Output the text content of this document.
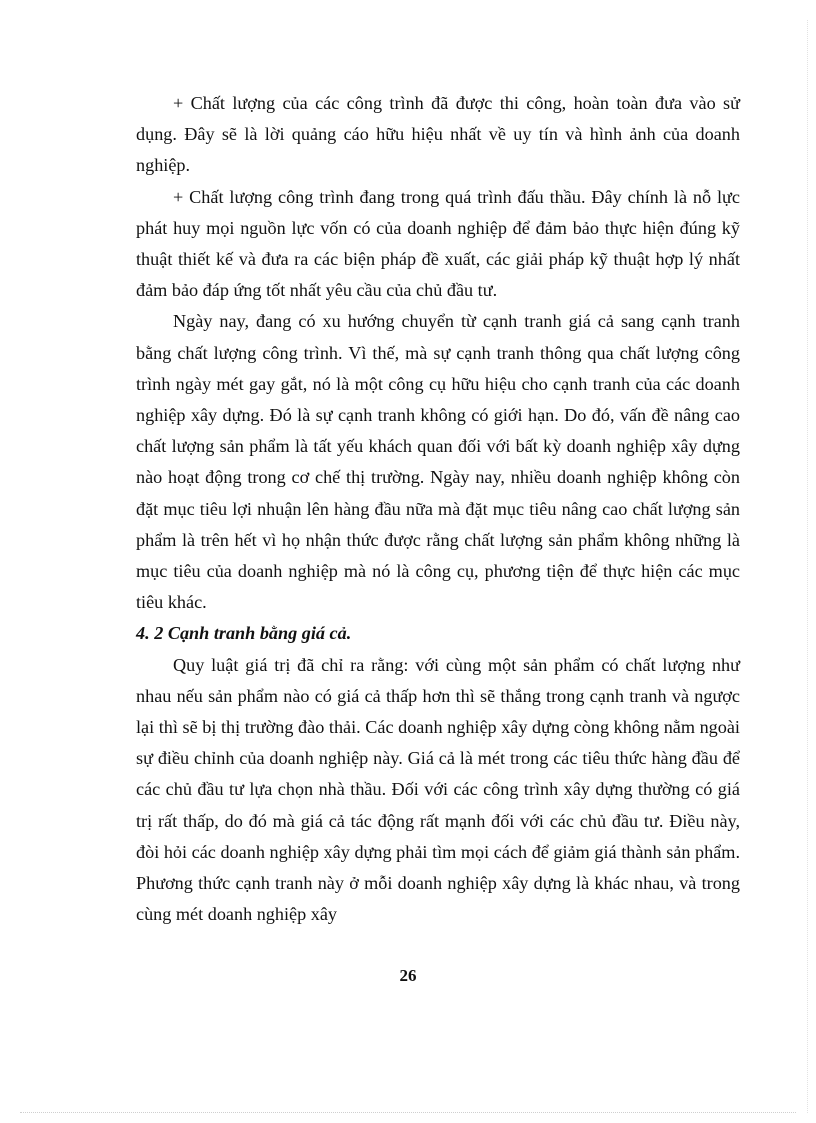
+ Chất lượng của các công trình đã được thi công, hoàn toàn đưa vào sử dụng. Đây sẽ là lời quảng cáo hữu hiệu nhất về uy tín và hình ảnh của doanh nghiệp.

+ Chất lượng công trình đang trong quá trình đấu thầu. Đây chính là nỗ lực phát huy mọi nguồn lực vốn có của doanh nghiệp để đảm bảo thực hiện đúng kỹ thuật thiết kế và đưa ra các biện pháp đề xuất, các giải pháp kỹ thuật hợp lý nhất đảm bảo đáp ứng tốt nhất yêu cầu của chủ đầu tư.

Ngày nay, đang có xu hướng chuyển từ cạnh tranh giá cả sang cạnh tranh bằng chất lượng công trình. Vì thế, mà sự cạnh tranh thông qua chất lượng công trình ngày mét gay gắt, nó là một công cụ hữu hiệu cho cạnh tranh của các doanh nghiệp xây dựng. Đó là sự cạnh tranh không có giới hạn. Do đó, vấn đề nâng cao chất lượng sản phẩm là tất yếu khách quan đối với bất kỳ doanh nghiệp xây dựng nào hoạt động trong cơ chế thị trường. Ngày nay, nhiều doanh nghiệp không còn đặt mục tiêu lợi nhuận lên hàng đầu nữa mà đặt mục tiêu nâng cao chất lượng sản phẩm là trên hết vì họ nhận thức được rằng chất lượng sản phẩm không những là mục tiêu của doanh nghiệp mà nó là công cụ, phương tiện để thực hiện các mục tiêu khác.

4. 2 Cạnh tranh bằng giá cả.

Quy luật giá trị đã chỉ ra rằng: với cùng một sản phẩm có chất lượng như nhau nếu sản phẩm nào có giá cả thấp hơn thì sẽ thắng trong cạnh tranh và ngược lại thì sẽ bị thị trường đào thải. Các doanh nghiệp xây dựng còng không nằm ngoài sự điều chỉnh của doanh nghiệp này. Giá cả là mét trong các tiêu thức hàng đầu để các chủ đầu tư lựa chọn nhà thầu. Đối với các công trình xây dựng thường có giá trị rất thấp, do đó mà giá cả tác động rất mạnh đối với các chủ đầu tư. Điều này, đòi hỏi các doanh nghiệp xây dựng phải tìm mọi cách để giảm giá thành sản phẩm. Phương thức cạnh tranh này ở mỗi doanh nghiệp xây dựng là khác nhau, và trong cùng mét doanh nghiệp xây

26
